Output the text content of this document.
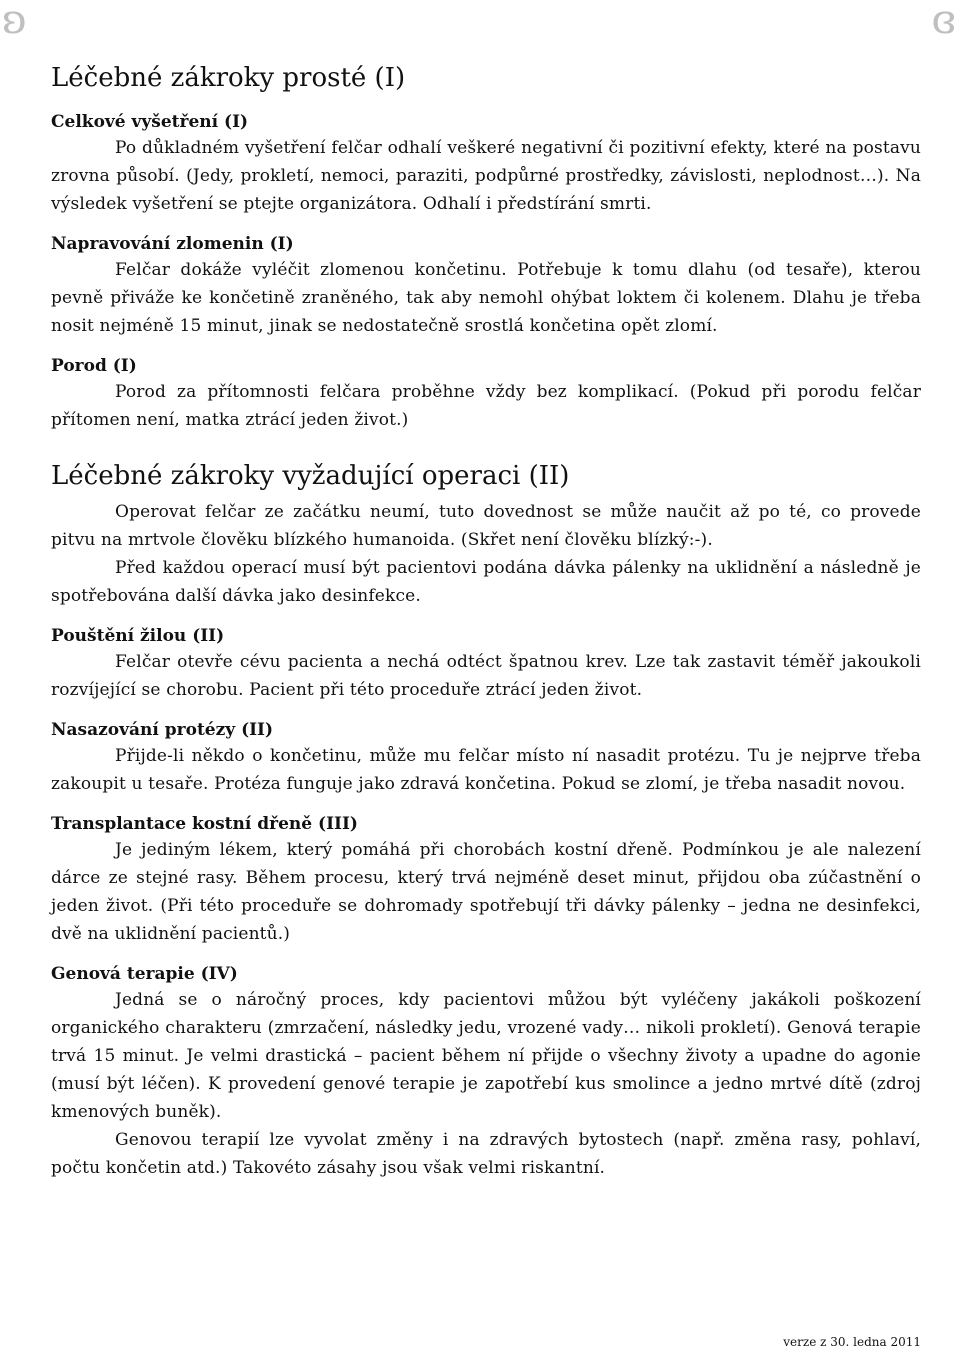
ʚ	ɞ
Léčebné zákroky prosté (I)
Celkové vyšetření (I)

Po důkladném vyšetření felčar odhalí veškeré negativní či pozitivní efekty, které na postavu zrovna působí. (Jedy, prokletí, nemoci, paraziti, podpůrné prostředky, závislosti, neplodnost…). Na výsledek vyšetření se ptejte organizátora. Odhalí i předstírání smrti.

Napravování zlomenin (I)

Felčar dokáže vyléčit zlomenou končetinu. Potřebuje k tomu dlahu (od tesaře), kterou pevně přiváže ke končetině zraněného, tak aby nemohl ohýbat loktem či kolenem. Dlahu je třeba nosit nejméně 15 minut, jinak se nedostatečně srostlá končetina opět zlomí.

Porod (I)

Porod za přítomnosti felčara proběhne vždy bez komplikací. (Pokud při porodu felčar přítomen není, matka ztrácí jeden život.)

Léčebné zákroky vyžadující operaci (II)

Operovat felčar ze začátku neumí, tuto dovednost se může naučit až po té, co provede pitvu na mrtvole člověku blízkého humanoida. (Skřet není člověku blízký:-).

Před každou operací musí být pacientovi podána dávka pálenky na uklidnění a následně je spotřebována další dávka jako desinfekce.

Pouštění žilou (II)

Felčar otevře cévu pacienta a nechá odtéct špatnou krev. Lze tak zastavit téměř jakoukoli rozvíjející se chorobu. Pacient při této proceduře ztrácí jeden život.

Nasazování protézy (II)

Přijde-li někdo o končetinu, může mu felčar místo ní nasadit protézu. Tu je nejprve třeba zakoupit u tesaře. Protéza funguje jako zdravá končetina. Pokud se zlomí, je třeba nasadit novou.

Transplantace kostní dřeně (III)

Je jediným lékem, který pomáhá při chorobách kostní dřeně. Podmínkou je ale nalezení dárce ze stejné rasy. Během procesu, který trvá nejméně deset minut, přijdou oba zúčastnění o jeden život. (Při této proceduře se dohromady spotřebují tři dávky pálenky – jedna ne desinfekci, dvě na uklidnění pacientů.)

Genová terapie (IV)

Jedná se o náročný proces, kdy pacientovi můžou být vyléčeny jakákoli poškození organického charakteru (zmrzačení, následky jedu, vrozené vady… nikoli prokletí). Genová terapie trvá 15 minut. Je velmi drastická – pacient během ní přijde o všechny životy a upadne do agonie (musí být léčen). K provedení genové terapie je zapotřebí kus smolince a jedno mrtvé dítě (zdroj kmenových buněk).

Genovou terapií lze vyvolat změny i na zdravých bytostech (např. změna rasy, pohlaví, počtu končetin atd.) Takovéto zásahy jsou však velmi riskantní.

verze z 30. ledna 2011
